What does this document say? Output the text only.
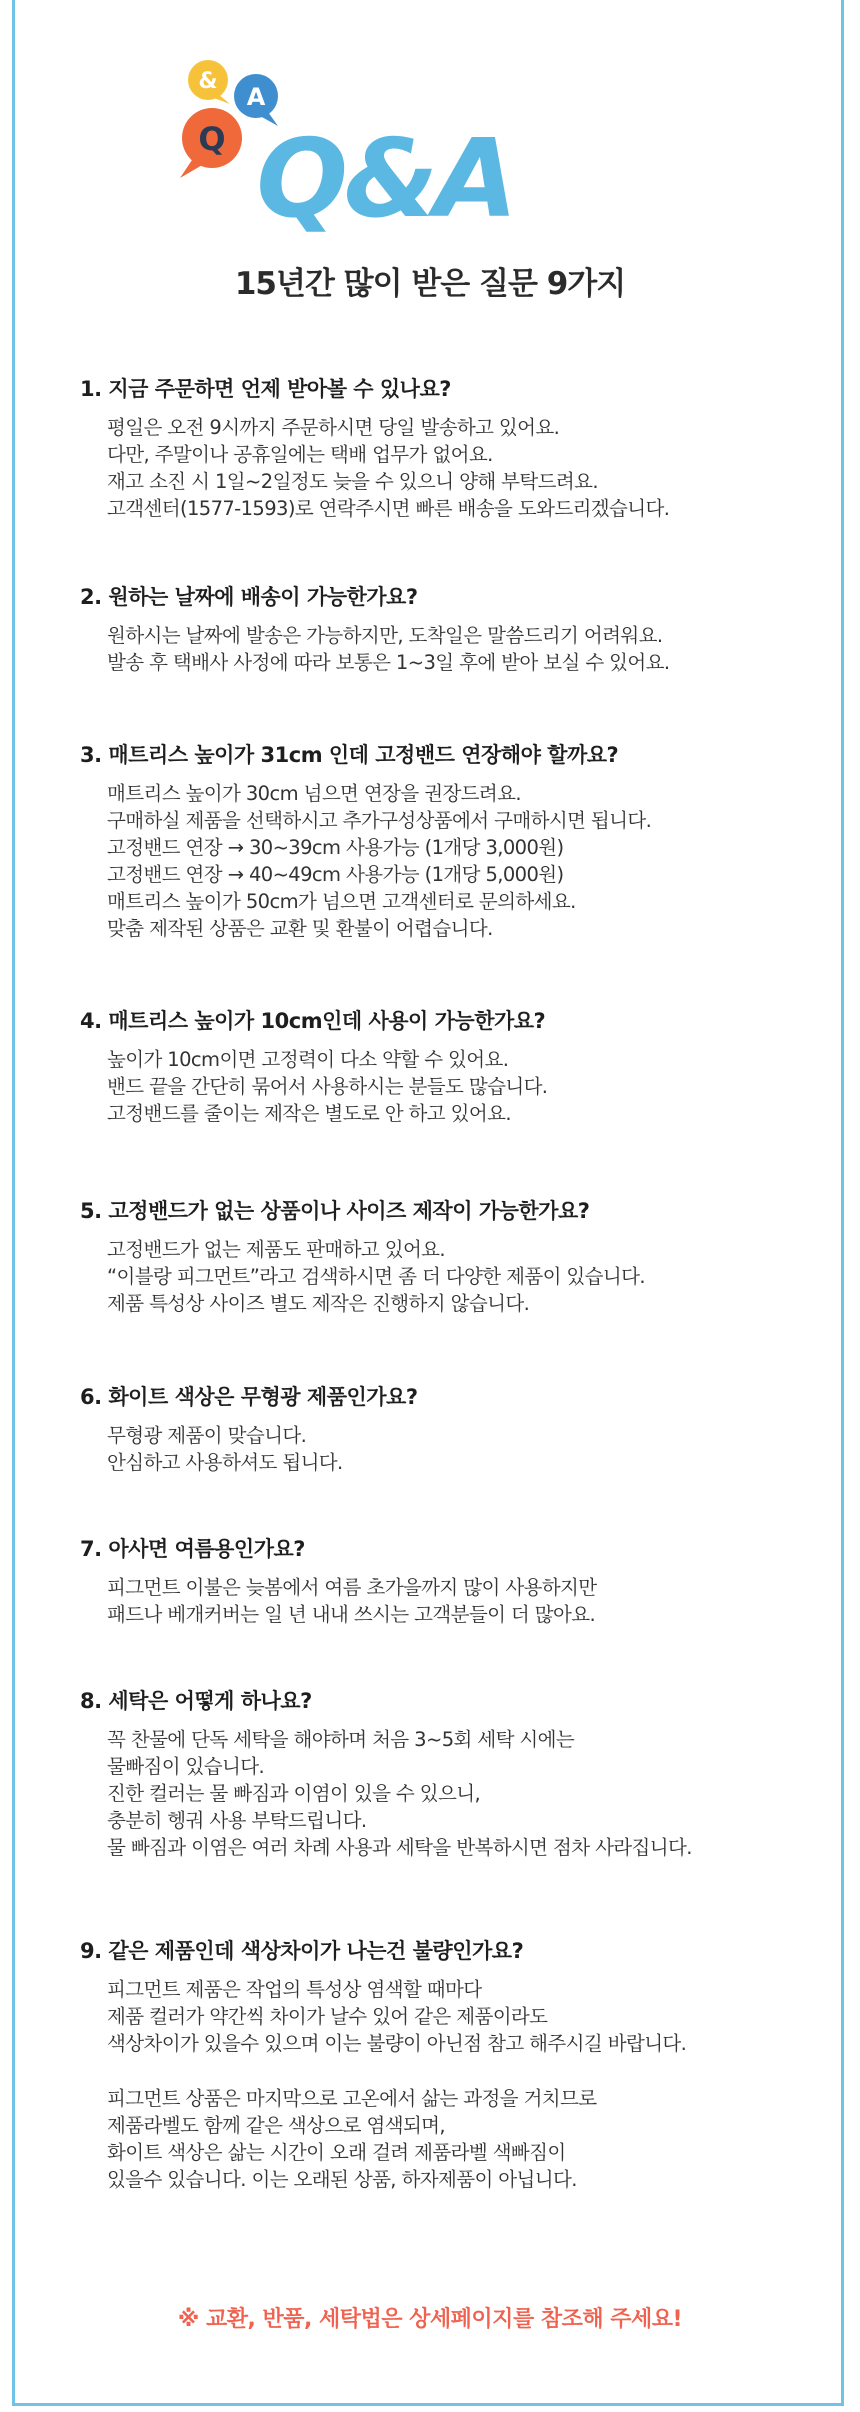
&
A
Q Q&A
15년간 많이 받은 질문 9가지

1. 지금 주문하면 언제 받아볼 수 있나요?

평일은 오전 9시까지 주문하시면 당일 발송하고 있어요.
다만, 주말이나 공휴일에는 택배 업무가 없어요.
재고 소진 시 1일~2일정도 늦을 수 있으니 양해 부탁드려요.
고객센터(1577-1593)로 연락주시면 빠른 배송을 도와드리겠습니다.

2. 원하는 날짜에 배송이 가능한가요?

원하시는 날짜에 발송은 가능하지만, 도착일은 말씀드리기 어려워요.
발송 후 택배사 사정에 따라 보통은 1~3일 후에 받아 보실 수 있어요.

3. 매트리스 높이가 31cm 인데 고정밴드 연장해야 할까요?

매트리스 높이가 30cm 넘으면 연장을 권장드려요.
구매하실 제품을 선택하시고 추가구성상품에서 구매하시면 됩니다.
고정밴드 연장 → 30~39cm 사용가능 (1개당 3,000원)
고정밴드 연장 → 40~49cm 사용가능 (1개당 5,000원)
매트리스 높이가 50cm가 넘으면 고객센터로 문의하세요.
맞춤 제작된 상품은 교환 및 환불이 어렵습니다.

4. 매트리스 높이가 10cm인데 사용이 가능한가요?

높이가 10cm이면 고정력이 다소 약할 수 있어요.
밴드 끝을 간단히 묶어서 사용하시는 분들도 많습니다.
고정밴드를 줄이는 제작은 별도로 안 하고 있어요.

5. 고정밴드가 없는 상품이나 사이즈 제작이 가능한가요?

고정밴드가 없는 제품도 판매하고 있어요.
“이블랑 피그먼트”라고 검색하시면 좀 더 다양한 제품이 있습니다.
제품 특성상 사이즈 별도 제작은 진행하지 않습니다.

6. 화이트 색상은 무형광 제품인가요?

무형광 제품이 맞습니다.
안심하고 사용하셔도 됩니다.

7. 아사면 여름용인가요?

피그먼트 이불은 늦봄에서 여름 초가을까지 많이 사용하지만
패드나 베개커버는 일 년 내내 쓰시는 고객분들이 더 많아요.

8. 세탁은 어떻게 하나요?

꼭 찬물에 단독 세탁을 해야하며 처음 3~5회 세탁 시에는
물빠짐이 있습니다.
진한 컬러는 물 빠짐과 이염이 있을 수 있으니,
충분히 헹궈 사용 부탁드립니다.
물 빠짐과 이염은 여러 차례 사용과 세탁을 반복하시면 점차 사라집니다.

9. 같은 제품인데 색상차이가 나는건 불량인가요?

피그먼트 제품은 작업의 특성상 염색할 때마다
제품 컬러가 약간씩 차이가 날수 있어 같은 제품이라도
색상차이가 있을수 있으며 이는 불량이 아닌점 참고 해주시길 바랍니다.
피그먼트 상품은 마지막으로 고온에서 삶는 과정을 거치므로
제품라벨도 함께 같은 색상으로 염색되며,
화이트 색상은 삶는 시간이 오래 걸려 제품라벨 색빠짐이
있을수 있습니다. 이는 오래된 상품, 하자제품이 아닙니다.
※ 교환, 반품, 세탁법은 상세페이지를 참조해 주세요!
